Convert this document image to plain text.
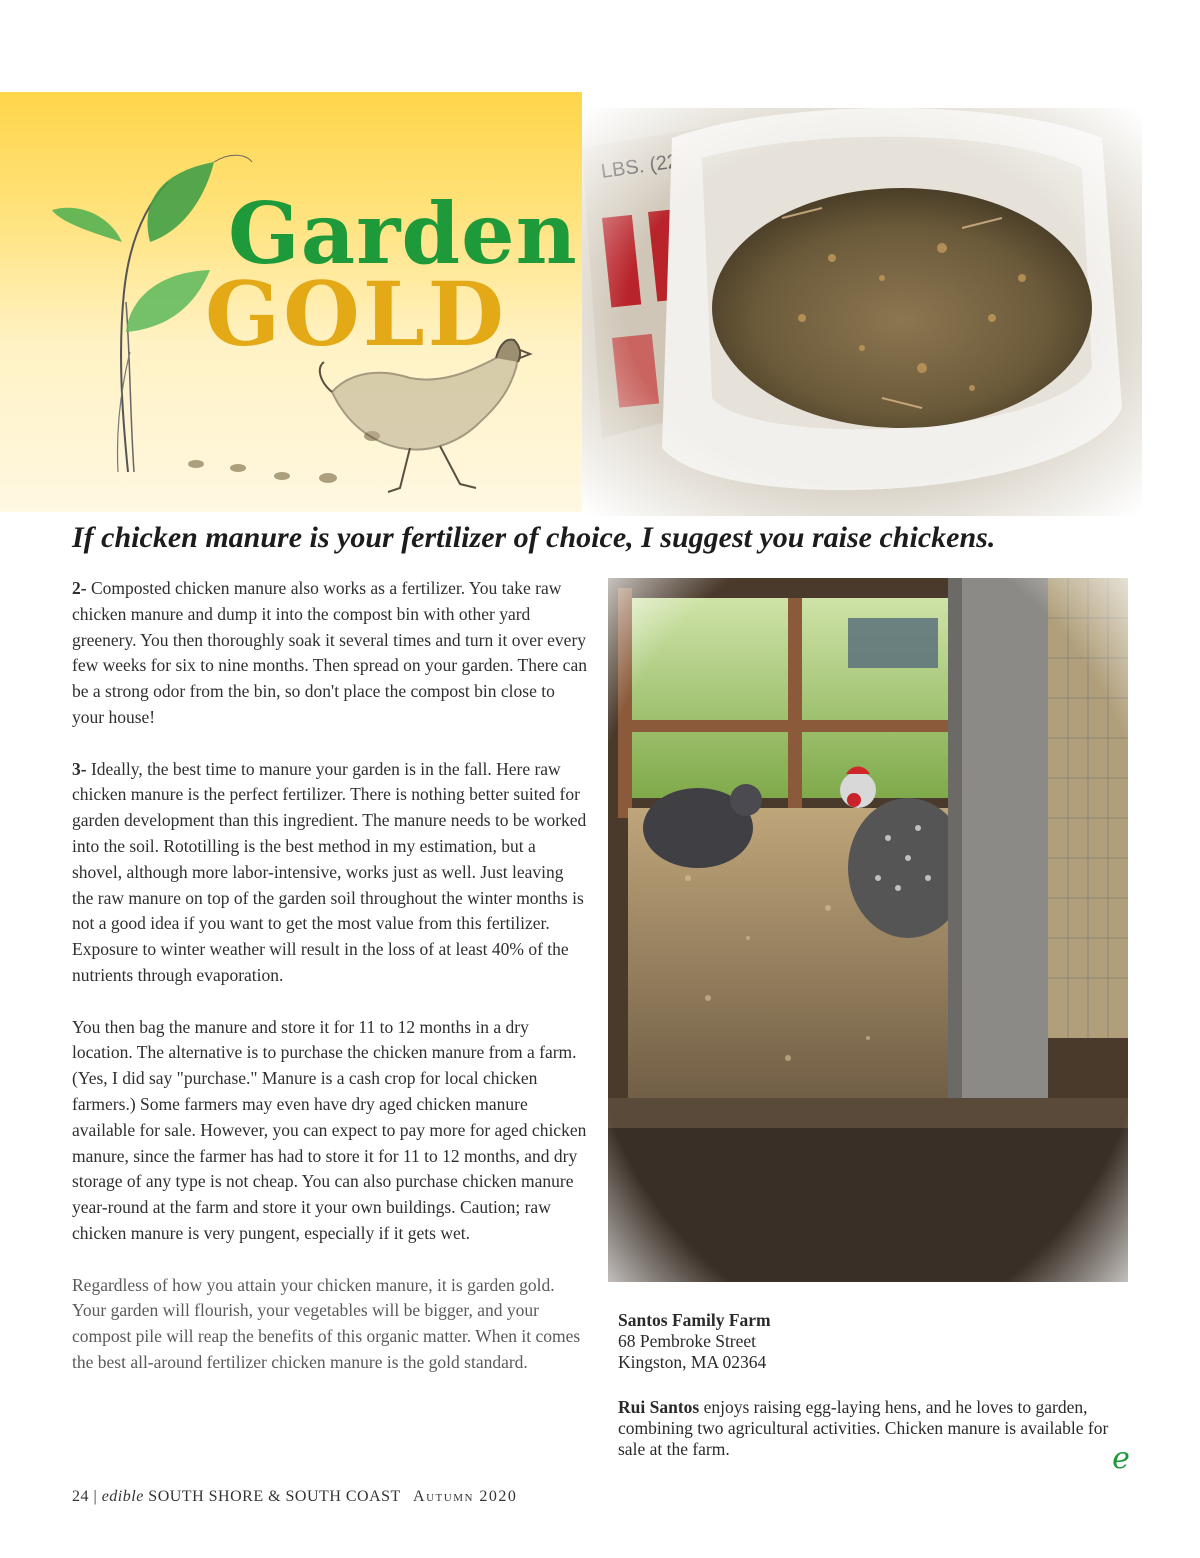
Garden
GOLD
If chicken manure is your fertilizer of choice, I suggest you raise chickens.

2- Composted chicken manure also works as a fertilizer. You take raw chicken manure and dump it into the compost bin with other yard greenery. You then thoroughly soak it several times and turn it over every few weeks for six to nine months. Then spread on your garden. There can be a strong odor from the bin, so don't place the compost bin close to your house!

3- Ideally, the best time to manure your garden is in the fall. Here raw chicken manure is the perfect fertilizer. There is nothing better suited for garden development than this ingredient. The manure needs to be worked into the soil. Rototilling is the best method in my estimation, but a shovel, although more labor-intensive, works just as well. Just leaving the raw manure on top of the garden soil throughout the winter months is not a good idea if you want to get the most value from this fertilizer. Exposure to winter weather will result in the loss of at least 40% of the nutrients through evaporation.

You then bag the manure and store it for 11 to 12 months in a dry location. The alternative is to purchase the chicken manure from a farm. (Yes, I did say "purchase." Manure is a cash crop for local chicken farmers.) Some farmers may even have dry aged chicken manure available for sale. However, you can expect to pay more for aged chicken manure, since the farmer has had to store it for 11 to 12 months, and dry storage of any type is not cheap. You can also purchase chicken manure year-round at the farm and store it your own buildings. Caution; raw chicken manure is very pungent, especially if it gets wet.

Regardless of how you attain your chicken manure, it is garden gold. Your garden will flourish, your vegetables will be bigger, and your compost pile will reap the benefits of this organic matter. When it comes the best all-around fertilizer chicken manure is the gold standard.

Santos Family Farm
68 Pembroke Street
Kingston, MA 02364
Rui Santos enjoys raising egg-laying hens, and he loves to garden, combining two agricultural activities. Chicken manure is available for sale at the farm.	e
24 | edible SOUTH SHORE & SOUTH COAST Autumn 2020
